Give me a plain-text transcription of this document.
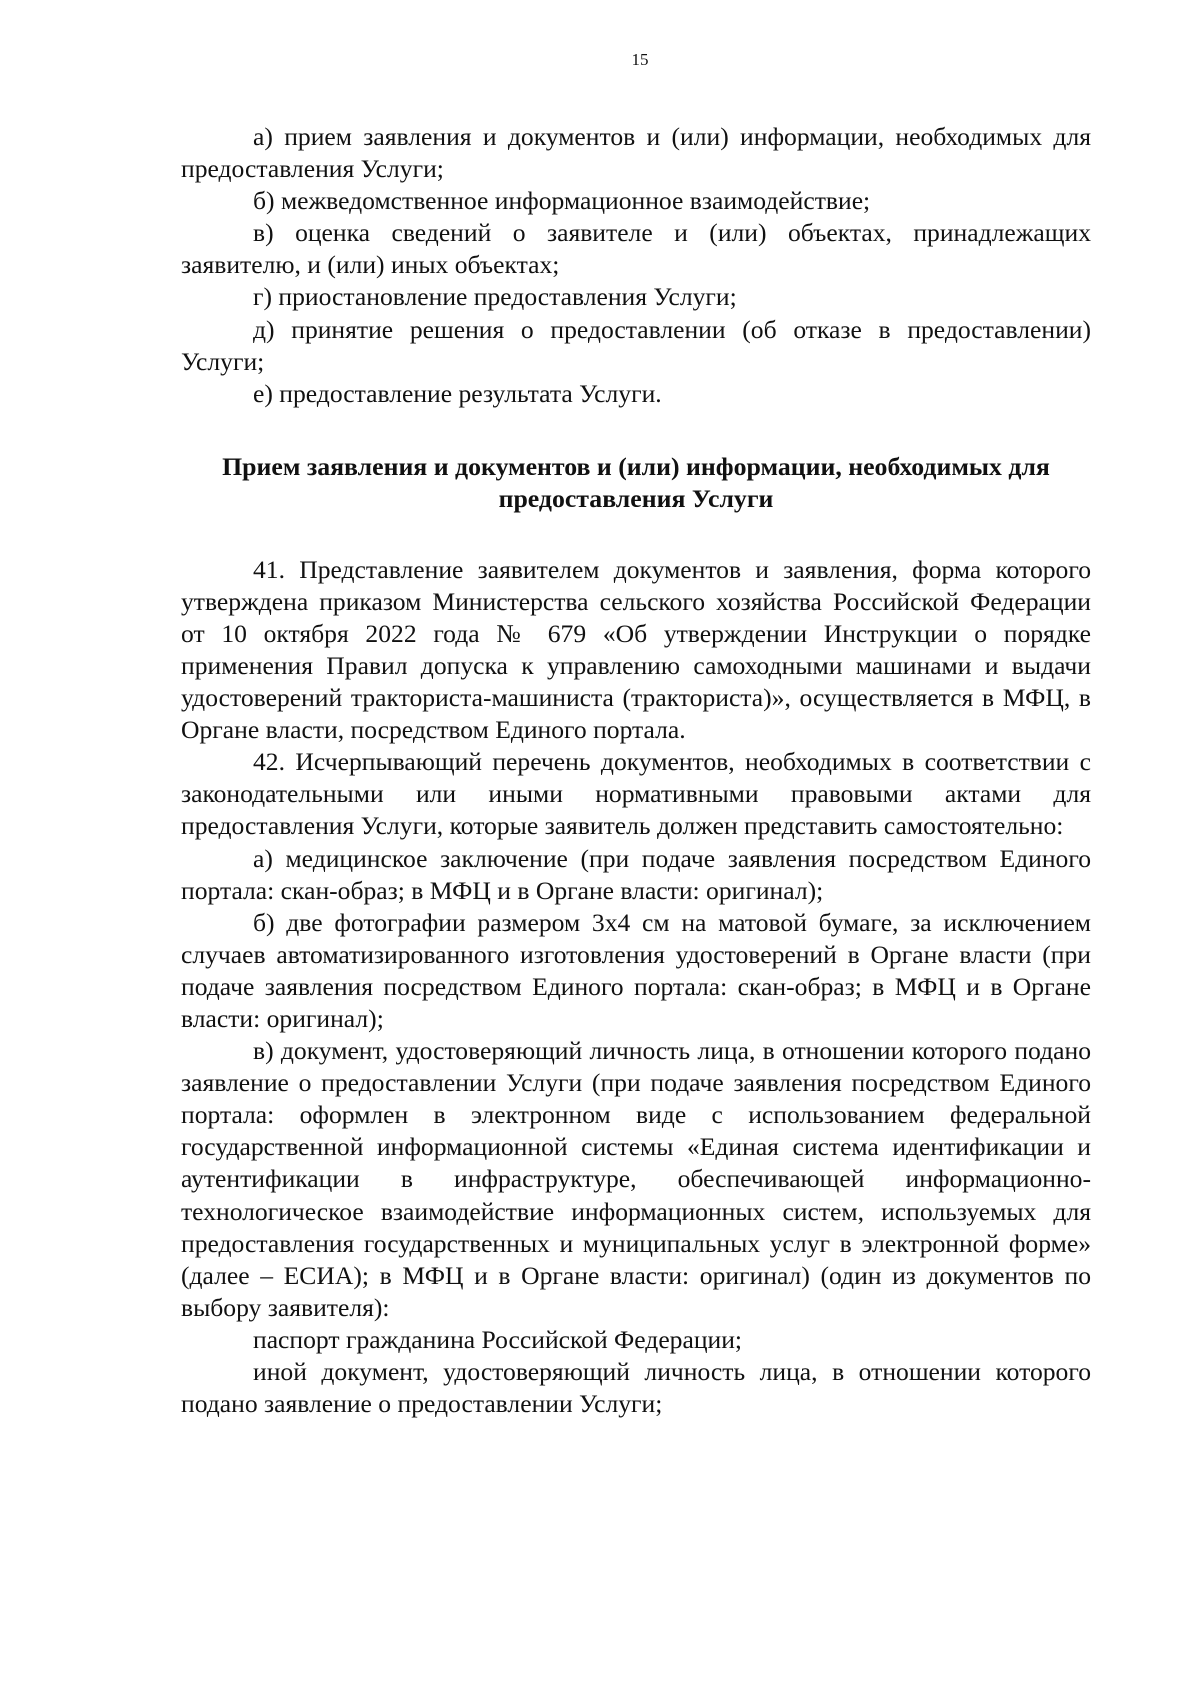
15

а) прием заявления и документов и (или) информации, необходимых для предоставления Услуги;

б) межведомственное информационное взаимодействие;

в) оценка сведений о заявителе и (или) объектах, принадлежащих заявителю, и (или) иных объектах;

г) приостановление предоставления Услуги;

д) принятие решения о предоставлении (об отказе в предоставлении) Услуги;

е) предоставление результата Услуги.

Прием заявления и документов и (или) информации, необходимых для предоставления Услуги

41. Представление заявителем документов и заявления, форма которого утверждена приказом Министерства сельского хозяйства Российской Федерации от 10 октября 2022 года № 679 «Об утверждении Инструкции о порядке применения Правил допуска к управлению самоходными машинами и выдачи удостоверений тракториста-машиниста (тракториста)», осуществляется в МФЦ, в Органе власти, посредством Единого портала.

42. Исчерпывающий перечень документов, необходимых в соответствии с законодательными или иными нормативными правовыми актами для предоставления Услуги, которые заявитель должен представить самостоятельно:

а) медицинское заключение (при подаче заявления посредством Единого портала: скан-образ; в МФЦ и в Органе власти: оригинал);

б) две фотографии размером 3х4 см на матовой бумаге, за исключением случаев автоматизированного изготовления удостоверений в Органе власти (при подаче заявления посредством Единого портала: скан-образ; в МФЦ и в Органе власти: оригинал);

в) документ, удостоверяющий личность лица, в отношении которого подано заявление о предоставлении Услуги (при подаче заявления посредством Единого портала: оформлен в электронном виде с использованием федеральной государственной информационной системы «Единая система идентификации и аутентификации в инфраструктуре, обеспечивающей информационно-технологическое взаимодействие информационных систем, используемых для предоставления государственных и муниципальных услуг в электронной форме» (далее – ЕСИА); в МФЦ и в Органе власти: оригинал) (один из документов по выбору заявителя):

паспорт гражданина Российской Федерации;

иной документ, удостоверяющий личность лица, в отношении которого подано заявление о предоставлении Услуги;
